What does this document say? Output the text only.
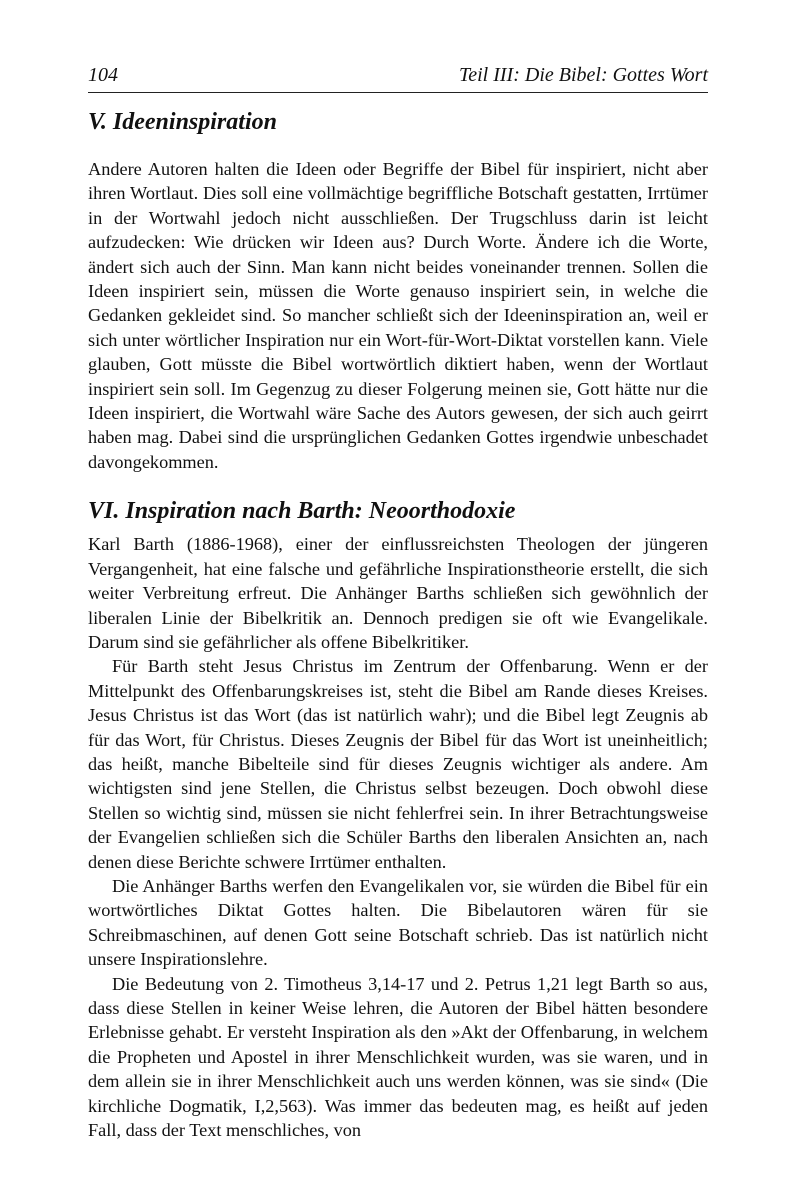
104	Teil III: Die Bibel: Gottes Wort
V. Ideeninspiration

Andere Autoren halten die Ideen oder Begriffe der Bibel für inspiriert, nicht aber ihren Wortlaut. Dies soll eine vollmächtige begriffliche Botschaft gestatten, Irrtümer in der Wortwahl jedoch nicht ausschließen. Der Trugschluss darin ist leicht aufzudecken: Wie drücken wir Ideen aus? Durch Worte. Ändere ich die Worte, ändert sich auch der Sinn. Man kann nicht beides voneinander trennen. Sollen die Ideen inspiriert sein, müssen die Worte genauso inspiriert sein, in welche die Gedanken gekleidet sind. So mancher schließt sich der Ideeninspiration an, weil er sich unter wörtlicher Inspiration nur ein Wort-für-Wort-Diktat vorstellen kann. Viele glauben, Gott müsste die Bibel wortwörtlich diktiert haben, wenn der Wortlaut inspiriert sein soll. Im Gegenzug zu dieser Folgerung meinen sie, Gott hätte nur die Ideen inspiriert, die Wortwahl wäre Sache des Autors gewesen, der sich auch geirrt haben mag. Dabei sind die ursprünglichen Gedanken Gottes irgendwie unbeschadet davongekommen.

VI. Inspiration nach Barth: Neoorthodoxie

Karl Barth (1886-1968), einer der einflussreichsten Theologen der jüngeren Vergangenheit, hat eine falsche und gefährliche Inspirationstheorie erstellt, die sich weiter Verbreitung erfreut. Die Anhänger Barths schließen sich gewöhnlich der liberalen Linie der Bibelkritik an. Dennoch predigen sie oft wie Evangelikale. Darum sind sie gefährlicher als offene Bibelkritiker.

Für Barth steht Jesus Christus im Zentrum der Offenbarung. Wenn er der Mittelpunkt des Offenbarungskreises ist, steht die Bibel am Rande dieses Kreises. Jesus Christus ist das Wort (das ist natürlich wahr); und die Bibel legt Zeugnis ab für das Wort, für Christus. Dieses Zeugnis der Bibel für das Wort ist uneinheitlich; das heißt, manche Bibelteile sind für dieses Zeugnis wichtiger als andere. Am wichtigsten sind jene Stellen, die Christus selbst bezeugen. Doch obwohl diese Stellen so wichtig sind, müssen sie nicht fehlerfrei sein. In ihrer Betrachtungsweise der Evangelien schließen sich die Schüler Barths den liberalen Ansichten an, nach denen diese Berichte schwere Irrtümer enthalten.

Die Anhänger Barths werfen den Evangelikalen vor, sie würden die Bibel für ein wortwörtliches Diktat Gottes halten. Die Bibelautoren wären für sie Schreibmaschinen, auf denen Gott seine Botschaft schrieb. Das ist natürlich nicht unsere Inspirationslehre.

Die Bedeutung von 2. Timotheus 3,14-17 und 2. Petrus 1,21 legt Barth so aus, dass diese Stellen in keiner Weise lehren, die Autoren der Bibel hätten besondere Erlebnisse gehabt. Er versteht Inspiration als den »Akt der Offenbarung, in welchem die Propheten und Apostel in ihrer Menschlichkeit wurden, was sie waren, und in dem allein sie in ihrer Menschlichkeit auch uns werden können, was sie sind« (Die kirchliche Dogmatik, I,2,563). Was immer das bedeuten mag, es heißt auf jeden Fall, dass der Text menschliches, von
